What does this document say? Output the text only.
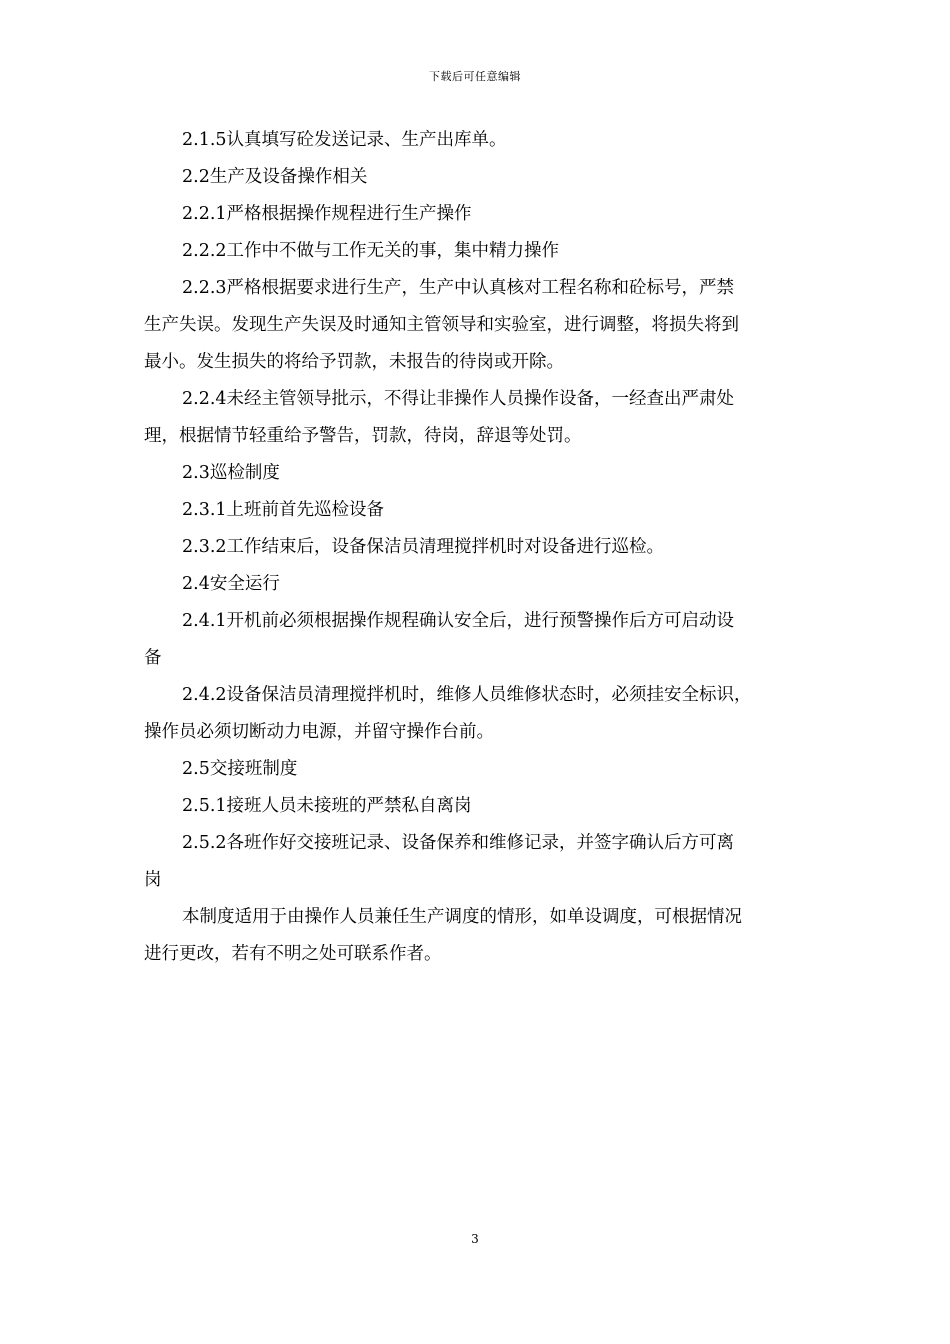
下载后可任意编辑
2.1.5认真填写砼发送记录、生产出库单。
2.2生产及设备操作相关
2.2.1严格根据操作规程进行生产操作
2.2.2工作中不做与工作无关的事，集中精力操作
2.2.3严格根据要求进行生产，生产中认真核对工程名称和砼标号，严禁
生产失误。发现生产失误及时通知主管领导和实验室，进行调整，将损失将到
最小。发生损失的将给予罚款，未报告的待岗或开除。
2.2.4未经主管领导批示，不得让非操作人员操作设备，一经查出严肃处
理，根据情节轻重给予警告，罚款，待岗，辞退等处罚。
2.3巡检制度
2.3.1上班前首先巡检设备
2.3.2工作结束后，设备保洁员清理搅拌机时对设备进行巡检。
2.4安全运行
2.4.1开机前必须根据操作规程确认安全后，进行预警操作后方可启动设
备
2.4.2设备保洁员清理搅拌机时，维修人员维修状态时，必须挂安全标识，
操作员必须切断动力电源，并留守操作台前。
2.5交接班制度
2.5.1接班人员未接班的严禁私自离岗
2.5.2各班作好交接班记录、设备保养和维修记录，并签字确认后方可离
岗
本制度适用于由操作人员兼任生产调度的情形，如单设调度，可根据情况
进行更改，若有不明之处可联系作者。
3
